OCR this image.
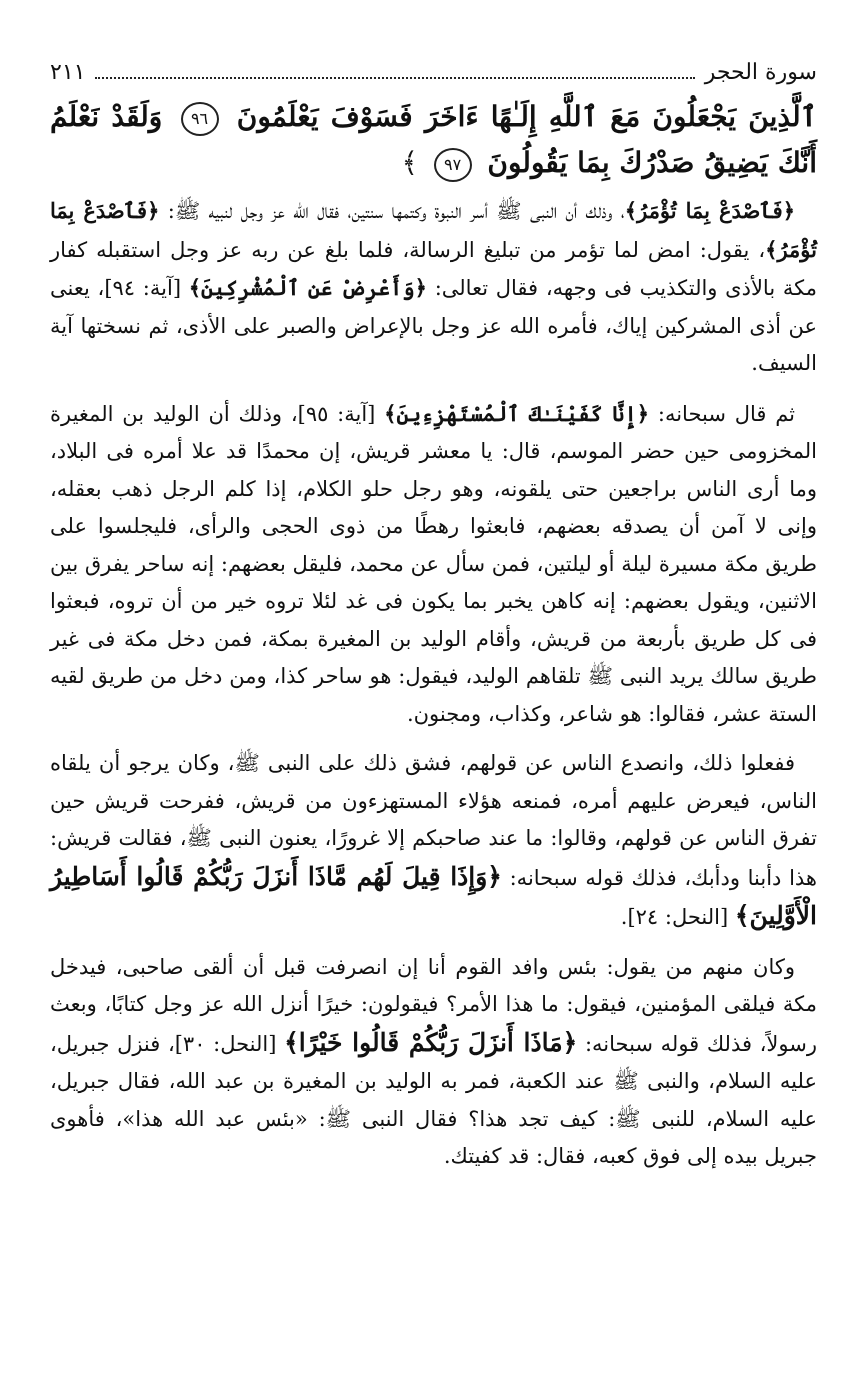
سورة الحجر
٢١١
ٱلَّذِينَ يَجْعَلُونَ مَعَ ٱللَّهِ إِلَـٰهًا ءَاخَرَ فَسَوْفَ يَعْلَمُونَ ٩٦ وَلَقَدْ نَعْلَمُ أَنَّكَ يَضِيقُ صَدْرُكَ بِمَا يَقُولُونَ ٩٧ ﴾

﴿فَٱصْدَعْ بِمَا تُؤْمَرُ﴾، وذلك أن النبى ﷺ أسر النبوة وكتمها سنتين، فقال الله عز وجل لنبيه ﷺ: ﴿فَٱصْدَعْ بِمَا تُؤْمَرُ﴾، يقول: امض لما تؤمر من تبليغ الرسالة، فلما بلغ عن ربه عز وجل استقبله كفار مكة بالأذى والتكذيب فى وجهه، فقال تعالى: ﴿وَأَعْرِضْ عَنِ ٱلْمُشْرِكِينَ﴾ [آية: ٩٤]، يعنى عن أذى المشركين إياك، فأمره الله عز وجل بالإعراض والصبر على الأذى، ثم نسختها آية السيف.

ثم قال سبحانه: ﴿إِنَّا كَفَيْنَـٰكَ ٱلْمُسْتَهْزِءِينَ﴾ [آية: ٩٥]، وذلك أن الوليد بن المغيرة المخزومى حين حضر الموسم، قال: يا معشر قريش، إن محمدًا قد علا أمره فى البلاد، وما أرى الناس براجعين حتى يلقونه، وهو رجل حلو الكلام، إذا كلم الرجل ذهب بعقله، وإنى لا آمن أن يصدقه بعضهم، فابعثوا رهطًا من ذوى الحجى والرأى، فليجلسوا على طريق مكة مسيرة ليلة أو ليلتين، فمن سأل عن محمد، فليقل بعضهم: إنه ساحر يفرق بين الاثنين، ويقول بعضهم: إنه كاهن يخبر بما يكون فى غد لئلا تروه خير من أن تروه، فبعثوا فى كل طريق بأربعة من قريش، وأقام الوليد بن المغيرة بمكة، فمن دخل مكة فى غير طريق سالك يريد النبى ﷺ تلقاهم الوليد، فيقول: هو ساحر كذا، ومن دخل من طريق لقيه الستة عشر، فقالوا: هو شاعر، وكذاب، ومجنون.

ففعلوا ذلك، وانصدع الناس عن قولهم، فشق ذلك على النبى ﷺ، وكان يرجو أن يلقاه الناس، فيعرض عليهم أمره، فمنعه هؤلاء المستهزءون من قريش، ففرحت قريش حين تفرق الناس عن قولهم، وقالوا: ما عند صاحبكم إلا غرورًا، يعنون النبى ﷺ، فقالت قريش: هذا دأبنا ودأبك، فذلك قوله سبحانه: ﴿وَإِذَا قِيلَ لَهُم مَّاذَا أَنزَلَ رَبُّكُمْ قَالُوا أَسَاطِيرُ الْأَوَّلِينَ﴾ [النحل: ٢٤].

وكان منهم من يقول: بئس وافد القوم أنا إن انصرفت قبل أن ألقى صاحبى، فيدخل مكة فيلقى المؤمنين، فيقول: ما هذا الأمر؟ فيقولون: خيرًا أنزل الله عز وجل كتابًا، وبعث رسولاً، فذلك قوله سبحانه: ﴿مَاذَا أَنزَلَ رَبُّكُمْ قَالُوا خَيْرًا﴾ [النحل: ٣٠]، فنزل جبريل، عليه السلام، والنبى ﷺ عند الكعبة، فمر به الوليد بن المغيرة بن عبد الله، فقال جبريل، عليه السلام، للنبى ﷺ: كيف تجد هذا؟ فقال النبى ﷺ: «بئس عبد الله هذا»، فأهوى جبريل بيده إلى فوق كعبه، فقال: قد كفيتك.
